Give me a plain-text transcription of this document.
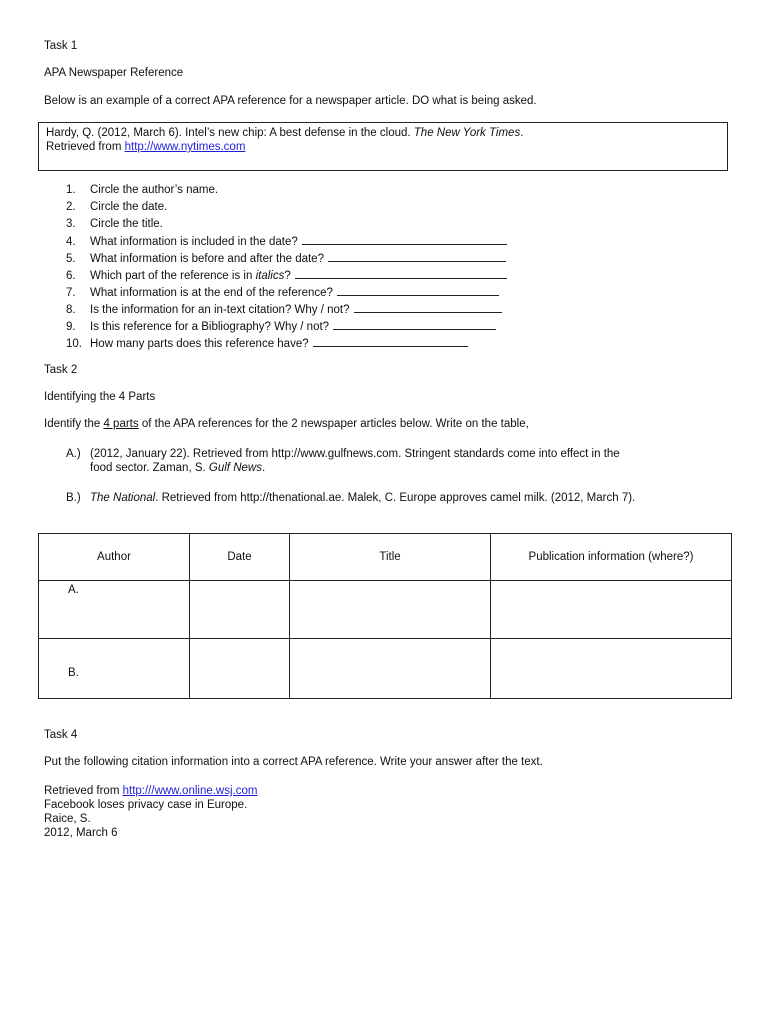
Task 1
APA Newspaper Reference
Below is an example of a correct APA reference for a newspaper article. DO what is being asked.
Hardy, Q. (2012, March 6). Intel’s new chip: A best defense in the cloud. The New York Times.
Retrieved from http://www.nytimes.com
1. Circle the author’s name.
2. Circle the date.
3. Circle the title.
4. What information is included in the date?
5. What information is before and after the date?
6. Which part of the reference is in italics?
7. What information is at the end of the reference?
8. Is the information for an in-text citation? Why / not?
9. Is this reference for a Bibliography? Why / not?
10. How many parts does this reference have?
Task 2
Identifying the 4 Parts
Identify the 4 parts of the APA references for the 2 newspaper articles below. Write on the table,
A.) (2012, January 22). Retrieved from http://www.gulfnews.com. Stringent standards come into effect in the
food sector. Zaman, S. Gulf News.
B.) The National. Retrieved from http://thenational.ae. Malek, C. Europe approves camel milk. (2012, March 7).
Author	Date	Title	Publication information (where?)

A.			

B.			

Task 4
Put the following citation information into a correct APA reference. Write your answer after the text.
Retrieved from http:///www.online.wsj.com
Facebook loses privacy case in Europe.
Raice, S.
2012, March 6
